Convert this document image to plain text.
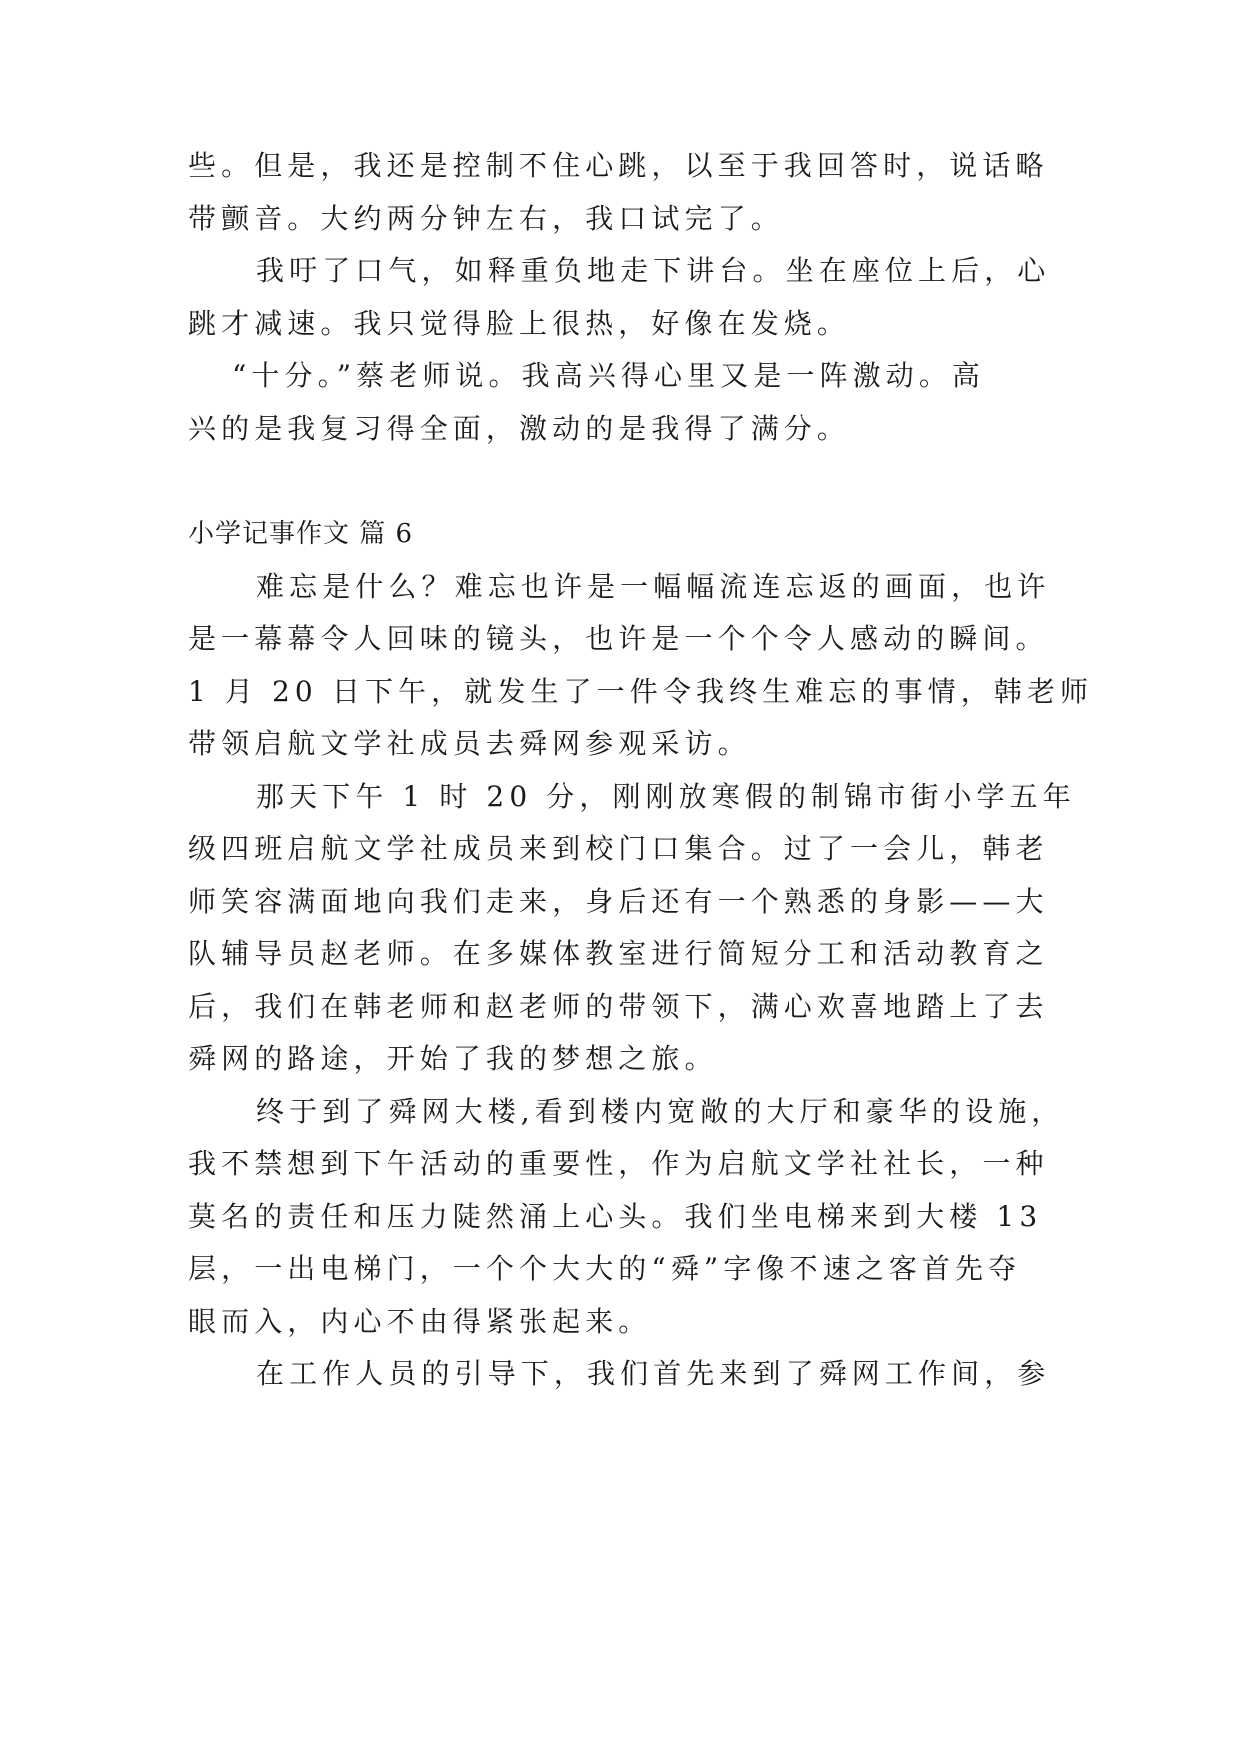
些。但是，我还是控制不住心跳，以至于我回答时，说话略
带颤音。大约两分钟左右，我口试完了。
我吁了口气，如释重负地走下讲台。坐在座位上后，心
跳才减速。我只觉得脸上很热，好像在发烧。
“十分。”蔡老师说。我高兴得心里又是一阵激动。高
兴的是我复习得全面，激动的是我得了满分。
小学记事作文 篇 6
难忘是什么？难忘也许是一幅幅流连忘返的画面，也许
是一幕幕令人回味的镜头，也许是一个个令人感动的瞬间。
1 月 20 日下午，就发生了一件令我终生难忘的事情，韩老师
带领启航文学社成员去舜网参观采访。
那天下午 1 时 20 分，刚刚放寒假的制锦市街小学五年
级四班启航文学社成员来到校门口集合。过了一会儿，韩老
师笑容满面地向我们走来，身后还有一个熟悉的身影——大
队辅导员赵老师。在多媒体教室进行简短分工和活动教育之
后，我们在韩老师和赵老师的带领下，满心欢喜地踏上了去
舜网的路途，开始了我的梦想之旅。
终于到了舜网大楼,看到楼内宽敞的大厅和豪华的设施，
我不禁想到下午活动的重要性，作为启航文学社社长，一种
莫名的责任和压力陡然涌上心头。我们坐电梯来到大楼 13
层，一出电梯门，一个个大大的“舜”字像不速之客首先夺
眼而入，内心不由得紧张起来。
在工作人员的引导下，我们首先来到了舜网工作间，参
